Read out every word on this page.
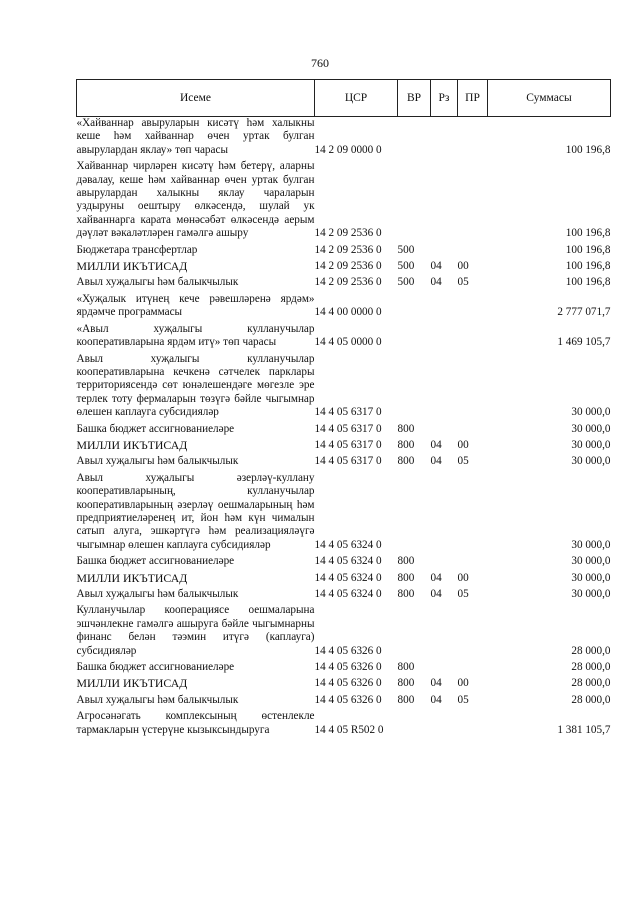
760
Исеме	ЦСР	ВР	Рз	ПР	Суммасы
«Хайваннар авыруларын кисәтү һәм халыкны кеше һәм хайваннар өчен уртак булган авырулардан яклау» төп чарасы	14 2 09 0000 0				100 196,8
Хайваннар чирләрен кисәтү һәм бетерү, аларны дәвалау, кеше һәм хайваннар өчен уртак булган авырулардан халыкны яклау чараларын уздыруны оештыру өлкәсендә, шулай ук хайваннарга карата мөнәсәбәт өлкәсендә аерым дәүләт вәкаләтләрен гамәлгә ашыру	14 2 09 2536 0				100 196,8
Бюджетара трансфертлар	14 2 09 2536 0	500			100 196,8
МИЛЛИ ИКЪТИСАД	14 2 09 2536 0	500	04	00	100 196,8
Авыл хуҗалыгы һәм балыкчылык	14 2 09 2536 0	500	04	05	100 196,8
«Хуҗалык итүнең кече рәвешләренә ярдәм» ярдәмче программасы	14 4 00 0000 0				2 777 071,7
«Авыл хуҗалыгы кулланучылар кооперативларына ярдәм итү» төп чарасы	14 4 05 0000 0				1 469 105,7
Авыл хуҗалыгы кулланучылар кооперативларына кечкенә сәтчелек парклары территориясендә сөт юнәлешендәге мөгезле эре терлек тоту фермаларын төзүгә бәйле чыгымнар өлешен каплауга субсидияләр	14 4 05 6317 0				30 000,0
Башка бюджет ассигнованиеләре	14 4 05 6317 0	800			30 000,0
МИЛЛИ ИКЪТИСАД	14 4 05 6317 0	800	04	00	30 000,0
Авыл хуҗалыгы һәм балыкчылык	14 4 05 6317 0	800	04	05	30 000,0
Авыл хуҗалыгы әзерләү-куллану кооперативларының, кулланучылар кооперативларының әзерләү оешмаларының һәм предприятиеләренең ит, йон һәм күн чималын сатып алуга, эшкәртүгә һәм реализацияләүгә чыгымнар өлешен каплауга субсидияләр	14 4 05 6324 0				30 000,0
Башка бюджет ассигнованиеләре	14 4 05 6324 0	800			30 000,0
МИЛЛИ ИКЪТИСАД	14 4 05 6324 0	800	04	00	30 000,0
Авыл хуҗалыгы һәм балыкчылык	14 4 05 6324 0	800	04	05	30 000,0
Кулланучылар кооперациясе оешмаларына эшчәнлекне гамәлгә ашыруга бәйле чыгымнарны финанс белән тәэмин итүгә (каплауга) субсидияләр	14 4 05 6326 0				28 000,0
Башка бюджет ассигнованиеләре	14 4 05 6326 0	800			28 000,0
МИЛЛИ ИКЪТИСАД	14 4 05 6326 0	800	04	00	28 000,0
Авыл хуҗалыгы һәм балыкчылык	14 4 05 6326 0	800	04	05	28 000,0
Агросәнәгать комплексының өстенлекле тармакларын үстерүне кызыксындыруга	14 4 05 R502 0				1 381 105,7
